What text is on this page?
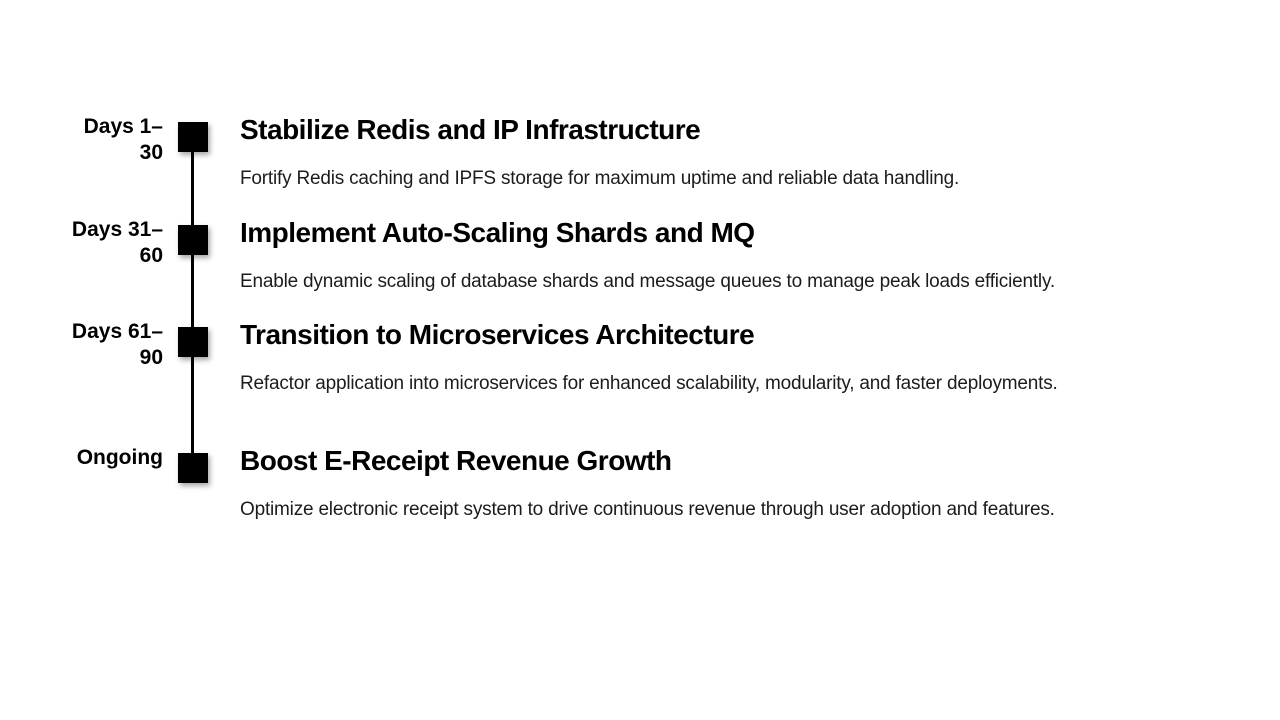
Days 1–30
Stabilize Redis and IP Infrastructure

Fortify Redis caching and IPFS storage for maximum uptime and reliable data handling.

Days 31–60
Implement Auto-Scaling Shards and MQ

Enable dynamic scaling of database shards and message queues to manage peak loads efficiently.

Days 61–90
Transition to Microservices Architecture

Refactor application into microservices for enhanced scalability, modularity, and faster deployments.

Ongoing	Boost E-Receipt Revenue Growth

Optimize electronic receipt system to drive continuous revenue through user adoption and features.
